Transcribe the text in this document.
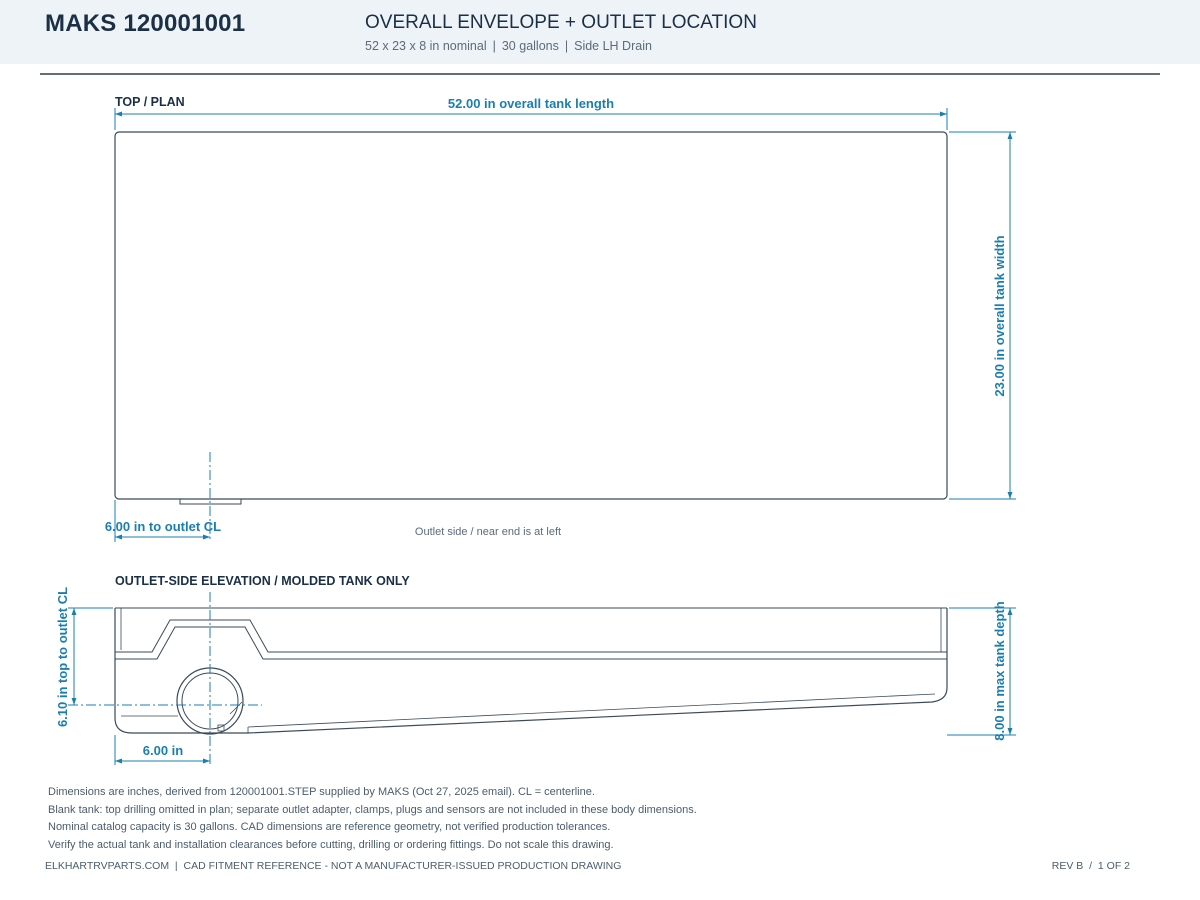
MAKS 120001001	OVERALL ENVELOPE + OUTLET LOCATION
52 x 23 x 8 in nominal | 30 gallons | Side LH Drain
TOP / PLAN	52.00 in overall tank length
23.00 in overall tank width
6.00 in to outlet CL	Outlet side / near end is at left
OUTLET-SIDE ELEVATION / MOLDED TANK ONLY
6.10 in top to outlet CL	8.00 in max tank depth
6.00 in
Dimensions are inches, derived from 120001001.STEP supplied by MAKS (Oct 27, 2025 email). CL = centerline.
Blank tank: top drilling omitted in plan; separate outlet adapter, clamps, plugs and sensors are not included in these body dimensions.
Nominal catalog capacity is 30 gallons. CAD dimensions are reference geometry, not verified production tolerances.
Verify the actual tank and installation clearances before cutting, drilling or ordering fittings. Do not scale this drawing.
ELKHARTRVPARTS.COM  |  CAD FITMENT REFERENCE - NOT A MANUFACTURER-ISSUED PRODUCTION DRAWING	REV B  /  1 OF 2
